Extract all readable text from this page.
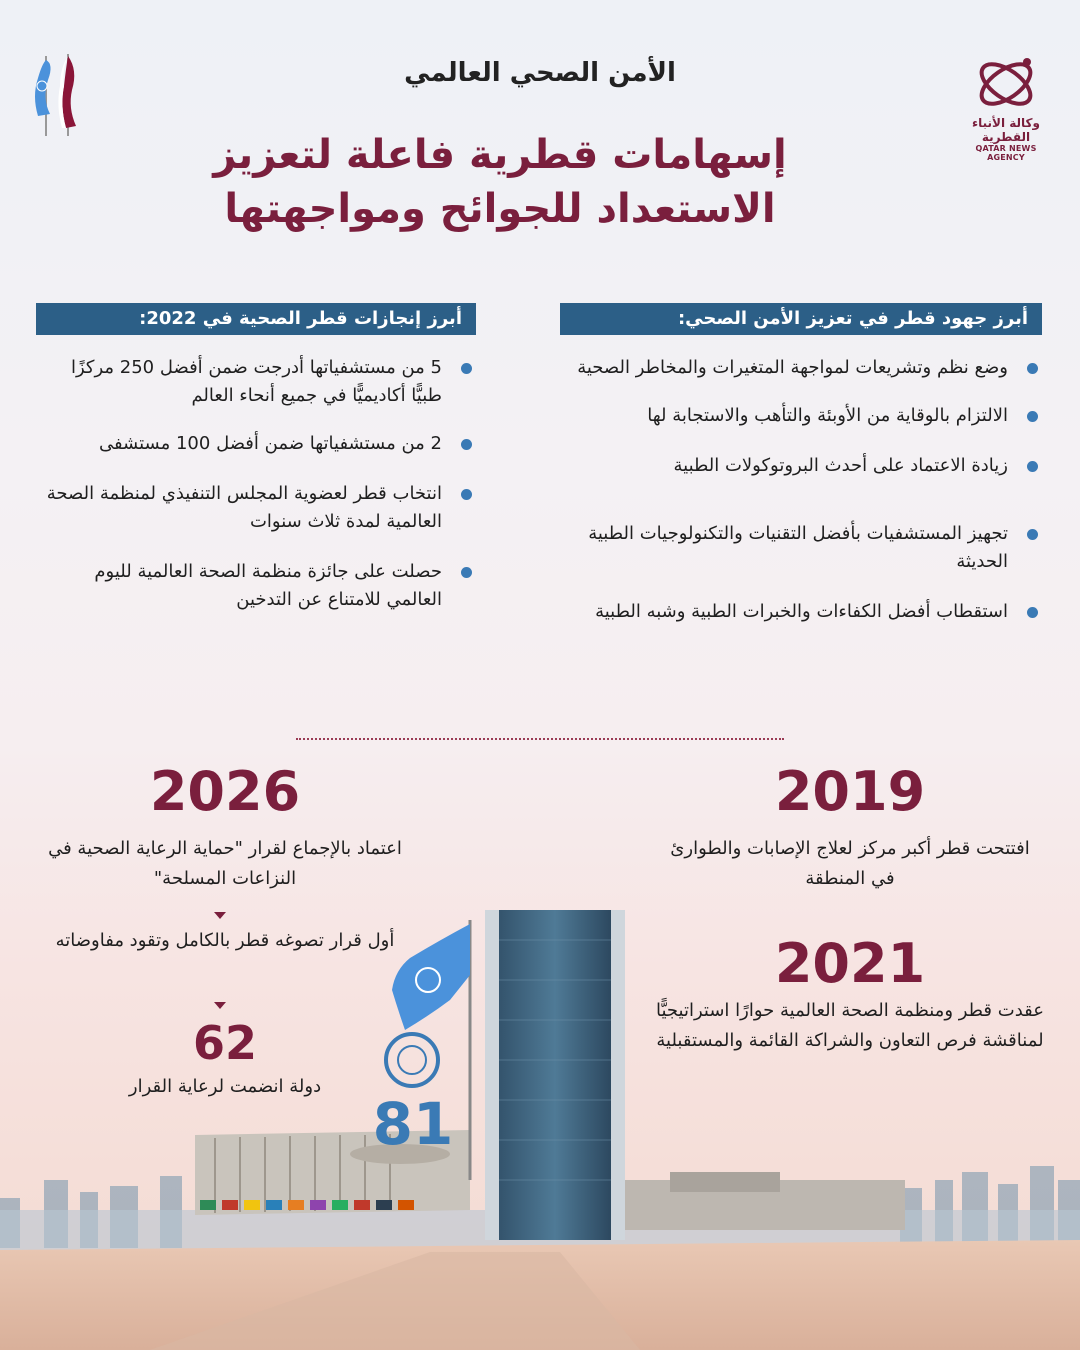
وكالة الأنباء القطرية
QATAR NEWS AGENCY
الأمن الصحي العالمي
إسهامات قطرية فاعلة لتعزيز
الاستعداد للجوائح ومواجهتها
أبرز جهود قطر في تعزيز الأمن الصحي:
أبرز إنجازات قطر الصحية في 2022:
وضع نظم وتشريعات لمواجهة المتغيرات والمخاطر الصحية
الالتزام بالوقاية من الأوبئة والتأهب والاستجابة لها
زيادة الاعتماد على أحدث البروتوكولات الطبية
تجهيز المستشفيات بأفضل التقنيات والتكنولوجيات الطبية الحديثة
استقطاب أفضل الكفاءات والخبرات الطبية وشبه الطبية
5 من مستشفياتها أدرجت ضمن أفضل 250 مركزًا طبيًّا أكاديميًّا في جميع أنحاء العالم
2 من مستشفياتها ضمن أفضل 100 مستشفى
انتخاب قطر لعضوية المجلس التنفيذي لمنظمة الصحة العالمية لمدة ثلاث سنوات
حصلت على جائزة منظمة الصحة العالمية لليوم العالمي للامتناع عن التدخين
81
2019
افتتحت قطر أكبر مركز لعلاج الإصابات والطوارئ في المنطقة
2021
عقدت قطر ومنظمة الصحة العالمية حوارًا استراتيجيًّا لمناقشة فرص التعاون والشراكة القائمة والمستقبلية
2026
اعتماد بالإجماع لقرار "حماية الرعاية الصحية في النزاعات المسلحة"
أول قرار تصوغه قطر بالكامل وتقود مفاوضاته
62
دولة انضمت لرعاية القرار
